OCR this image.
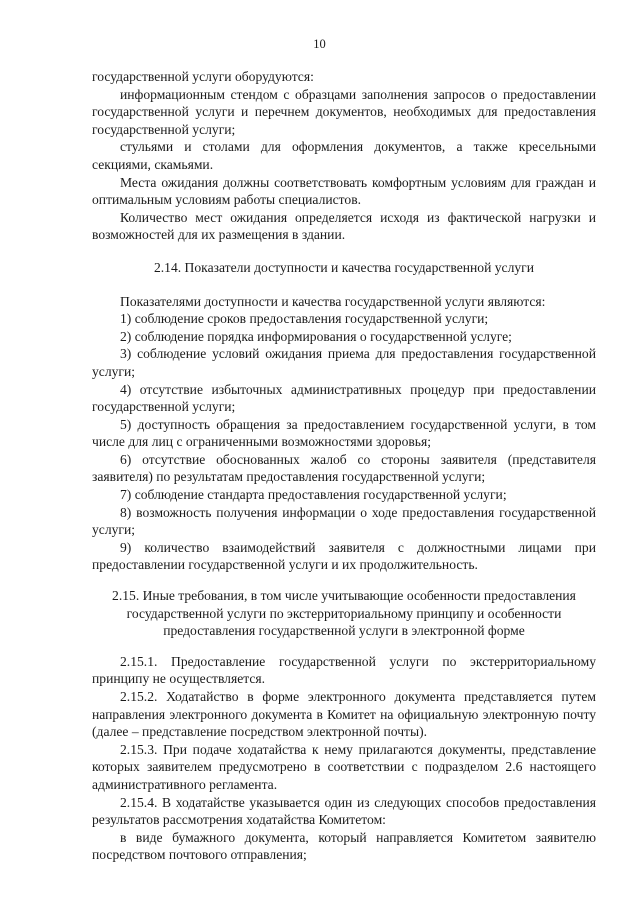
10

государственной услуги оборудуются:

информационным стендом с образцами заполнения запросов о предоставлении государственной услуги и перечнем документов, необходимых для предоставления государственной услуги;

стульями и столами для оформления документов, а также кресельными секциями, скамьями.

Места ожидания должны соответствовать комфортным условиям для граждан и оптимальным условиям работы специалистов.

Количество мест ожидания определяется исходя из фактической нагрузки и возможностей для их размещения в здании.

2.14. Показатели доступности и качества государственной услуги

Показателями доступности и качества государственной услуги являются:

1) соблюдение сроков предоставления государственной услуги;

2) соблюдение порядка информирования о государственной услуге;

3) соблюдение условий ожидания приема для предоставления государственной услуги;

4) отсутствие избыточных административных процедур при предоставлении государственной услуги;

5) доступность обращения за предоставлением государственной услуги, в том числе для лиц с ограниченными возможностями здоровья;

6) отсутствие обоснованных жалоб со стороны заявителя (представителя заявителя) по результатам предоставления государственной услуги;

7) соблюдение стандарта предоставления государственной услуги;

8) возможность получения информации о ходе предоставления государственной услуги;

9) количество взаимодействий заявителя с должностными лицами при предоставлении государственной услуги и их продолжительность.

2.15. Иные требования, в том числе учитывающие особенности предоставления государственной услуги по экстерриториальному принципу и особенности предоставления государственной услуги в электронной форме

2.15.1. Предоставление государственной услуги по экстерриториальному принципу не осуществляется.

2.15.2. Ходатайство в форме электронного документа представляется путем направления электронного документа в Комитет на официальную электронную почту (далее – представление посредством электронной почты).

2.15.3. При подаче ходатайства к нему прилагаются документы, представление которых заявителем предусмотрено в соответствии с подразделом 2.6 настоящего административного регламента.

2.15.4. В ходатайстве указывается один из следующих способов предоставления результатов рассмотрения ходатайства Комитетом:

в виде бумажного документа, который направляется Комитетом заявителю посредством почтового отправления;
